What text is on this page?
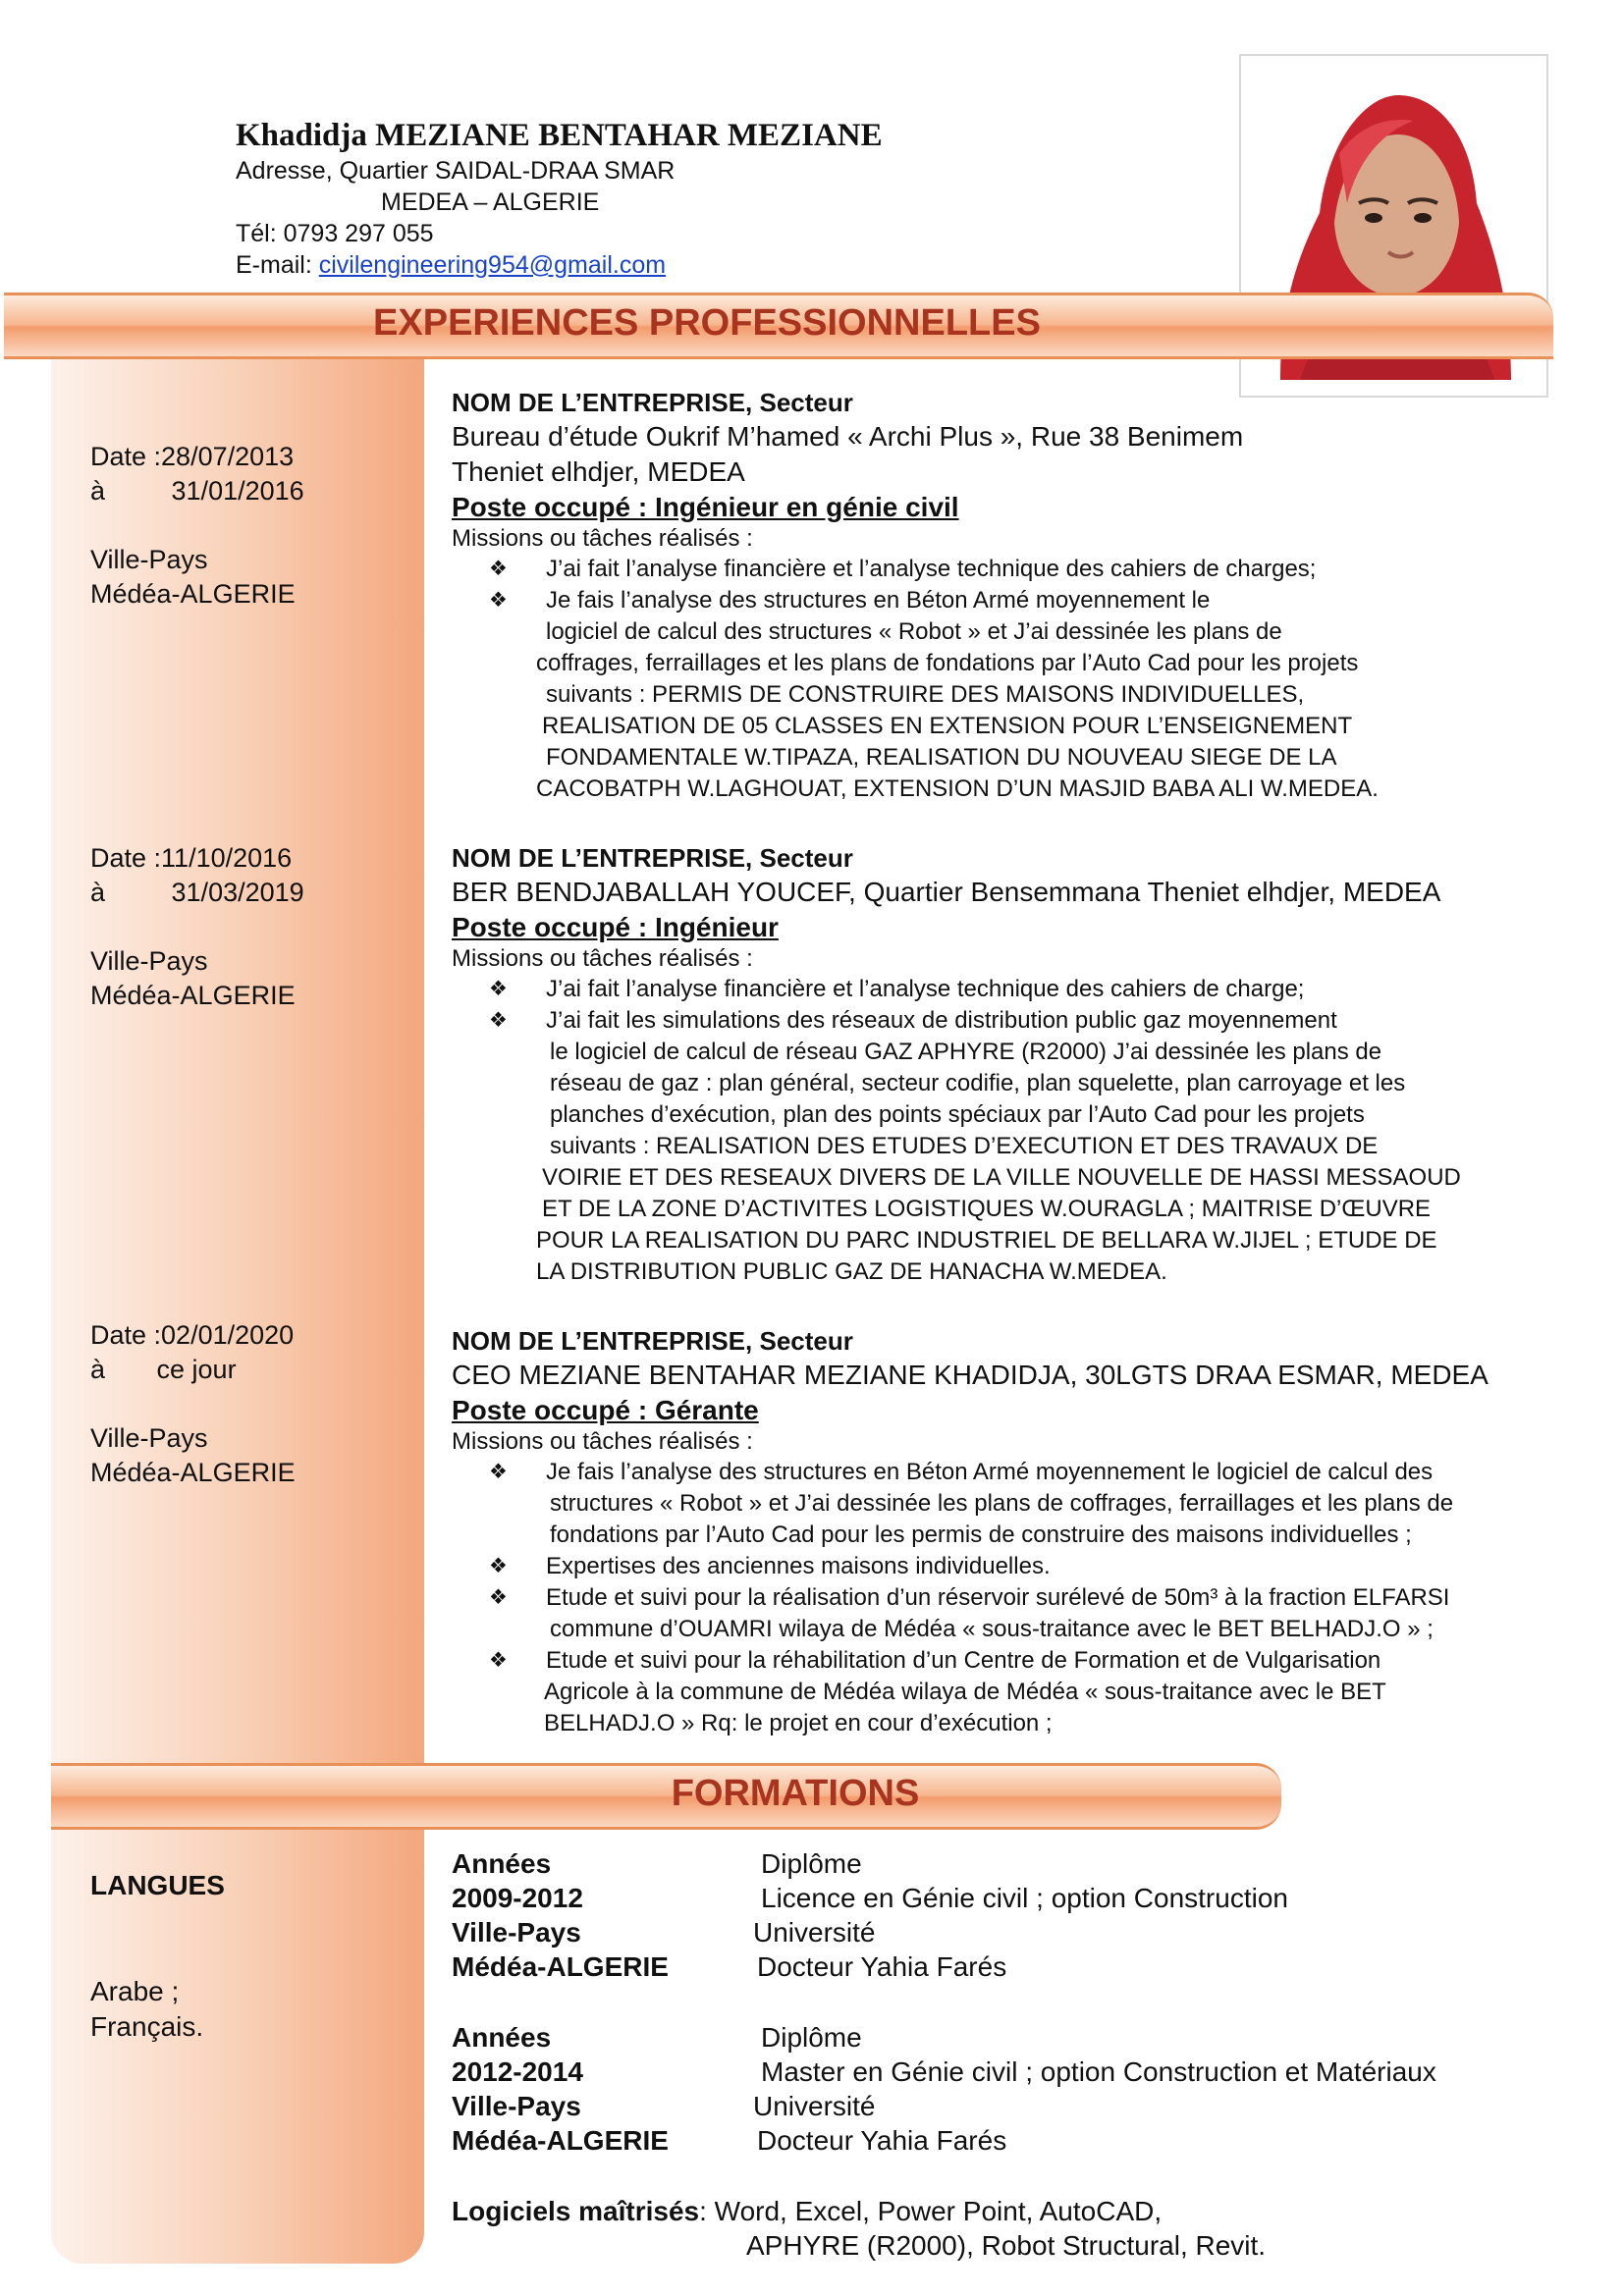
Khadidja MEZIANE BENTAHAR MEZIANE
Adresse, Quartier SAIDAL-DRAA SMAR
MEDEA – ALGERIE
Tél: 0793 297 055
E-mail: civilengineering954@gmail.com
EXPERIENCES PROFESSIONNELLES
Date :28/07/2013
à         31/01/2016
Ville-Pays
Médéa-ALGERIE
Date :11/10/2016
à         31/03/2019
Ville-Pays
Médéa-ALGERIE
Date :02/01/2020
à       ce jour
Ville-Pays
Médéa-ALGERIE
NOM DE L’ENTREPRISE, Secteur
Bureau d’étude Oukrif M’hamed « Archi Plus », Rue 38 Benimem
Theniet elhdjer, MEDEA
Poste occupé : Ingénieur en génie civil
Missions ou tâches réalisés :
❖ J’ai fait l’analyse financière et l’analyse technique des cahiers de charges;
❖ Je fais l’analyse des structures en Béton Armé moyennement le
logiciel de calcul des structures « Robot » et J’ai dessinée les plans de
coffrages, ferraillages et les plans de fondations par l’Auto Cad pour les projets
suivants : PERMIS DE CONSTRUIRE DES MAISONS INDIVIDUELLES,
REALISATION DE 05 CLASSES EN EXTENSION POUR L’ENSEIGNEMENT
FONDAMENTALE W.TIPAZA, REALISATION DU NOUVEAU SIEGE DE LA
CACOBATPH W.LAGHOUAT, EXTENSION D’UN MASJID BABA ALI W.MEDEA.
NOM DE L’ENTREPRISE, Secteur
BER BENDJABALLAH YOUCEF, Quartier Bensemmana Theniet elhdjer, MEDEA
Poste occupé : Ingénieur
Missions ou tâches réalisés :
❖ J’ai fait l’analyse financière et l’analyse technique des cahiers de charge;
❖ J’ai fait les simulations des réseaux de distribution public gaz moyennement
le logiciel de calcul de réseau GAZ APHYRE (R2000) J’ai dessinée les plans de
réseau de gaz : plan général, secteur codifie, plan squelette, plan carroyage et les
planches d’exécution, plan des points spéciaux par l’Auto Cad pour les projets
suivants : REALISATION DES ETUDES D’EXECUTION ET DES TRAVAUX DE
VOIRIE ET DES RESEAUX DIVERS DE LA VILLE NOUVELLE DE HASSI MESSAOUD
ET DE LA ZONE D’ACTIVITES LOGISTIQUES W.OURAGLA ; MAITRISE D’ŒUVRE
POUR LA REALISATION DU PARC INDUSTRIEL DE BELLARA W.JIJEL ; ETUDE DE
LA DISTRIBUTION PUBLIC GAZ DE HANACHA W.MEDEA.
NOM DE L’ENTREPRISE, Secteur
CEO MEZIANE BENTAHAR MEZIANE KHADIDJA, 30LGTS DRAA ESMAR, MEDEA
Poste occupé : Gérante
Missions ou tâches réalisés :
❖ Je fais l’analyse des structures en Béton Armé moyennement le logiciel de calcul des
structures « Robot » et J’ai dessinée les plans de coffrages, ferraillages et les plans de
fondations par l’Auto Cad pour les permis de construire des maisons individuelles ;
❖ Expertises des anciennes maisons individuelles.
❖ Etude et suivi pour la réalisation d’un réservoir surélevé de 50m³ à la fraction ELFARSI
commune d’OUAMRI wilaya de Médéa « sous-traitance avec le BET BELHADJ.O » ;
❖ Etude et suivi pour la réhabilitation d’un Centre de Formation et de Vulgarisation
Agricole à la commune de Médéa wilaya de Médéa « sous-traitance avec le BET
BELHADJ.O » Rq: le projet en cour d’exécution ;
FORMATIONS
LANGUES
Arabe ;
Français.
Années	Diplôme
2009-2012	Licence en Génie civil ; option Construction
Ville-Pays	Université
Médéa-ALGERIE	Docteur Yahia Farés
Années	Diplôme
2012-2014	Master en Génie civil ; option Construction et Matériaux
Ville-Pays	Université
Médéa-ALGERIE	Docteur Yahia Farés
Logiciels maîtrisés: Word, Excel, Power Point, AutoCAD,
APHYRE (R2000), Robot Structural, Revit.
